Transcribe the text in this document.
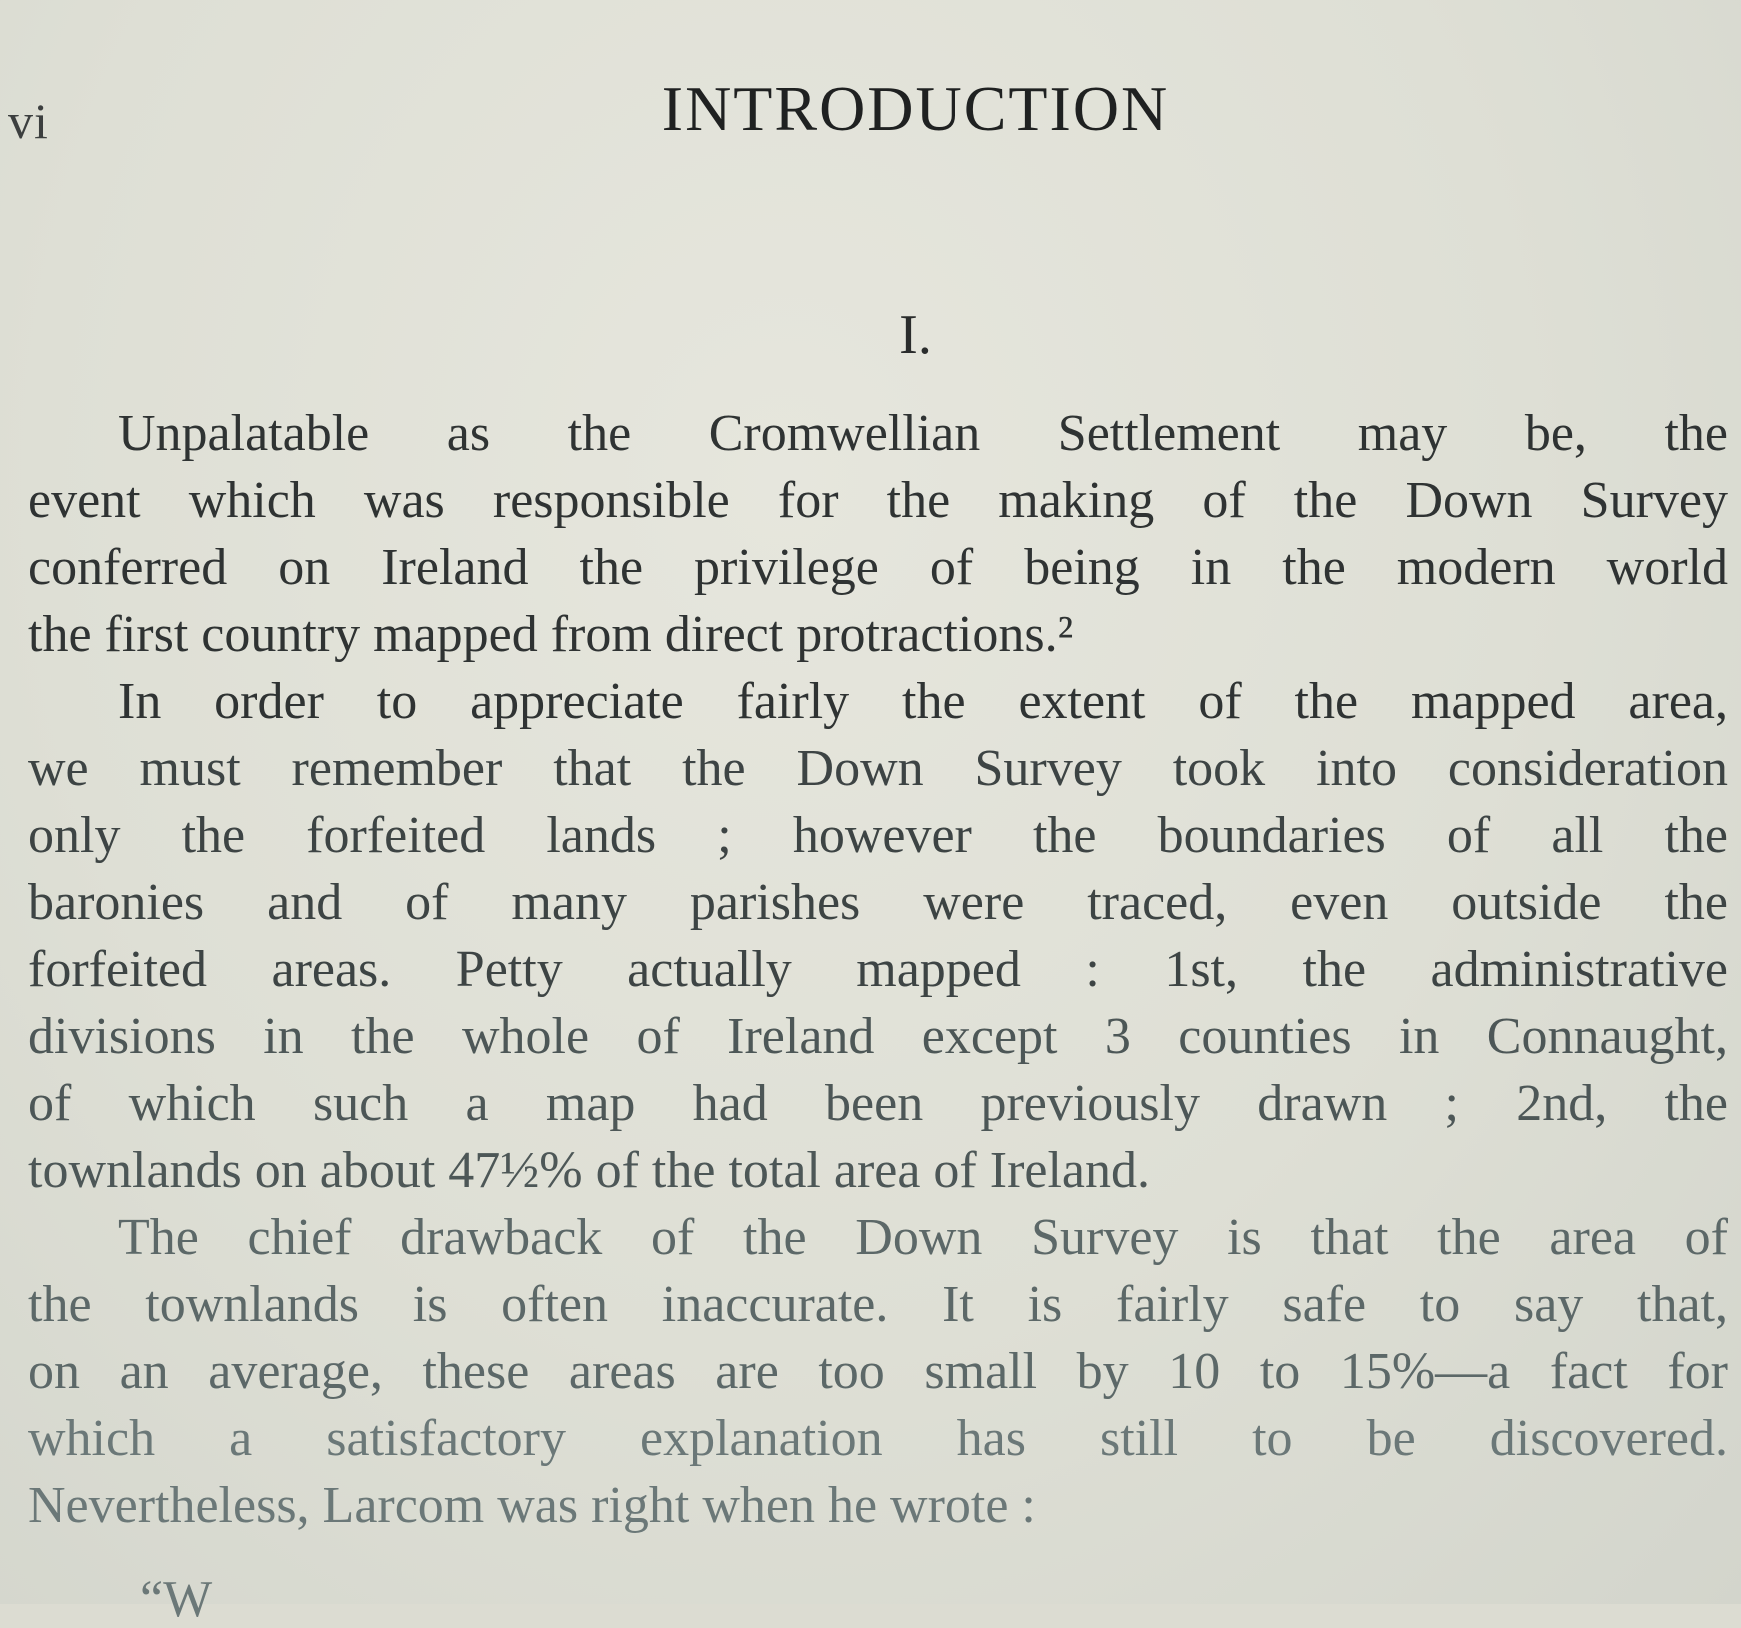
vi	INTRODUCTION
I.
Unpalatable as the Cromwellian Settlement may be, the
event which was responsible for the making of the Down Survey
conferred on Ireland the privilege of being in the modern world
the first country mapped from direct protractions.²
In order to appreciate fairly the extent of the mapped area,
we must remember that the Down Survey took into consideration
only the forfeited lands ; however the boundaries of all the
baronies and of many parishes were traced, even outside the
forfeited areas. Petty actually mapped : 1st, the administrative
divisions in the whole of Ireland except 3 counties in Connaught,
of which such a map had been previously drawn ; 2nd, the
townlands on about 47½% of the total area of Ireland.
The chief drawback of the Down Survey is that the area of
the townlands is often inaccurate. It is fairly safe to say that,
on an average, these areas are too small by 10 to 15%—a fact for
which a satisfactory explanation has still to be discovered.
Nevertheless, Larcom was right when he wrote :
“W
